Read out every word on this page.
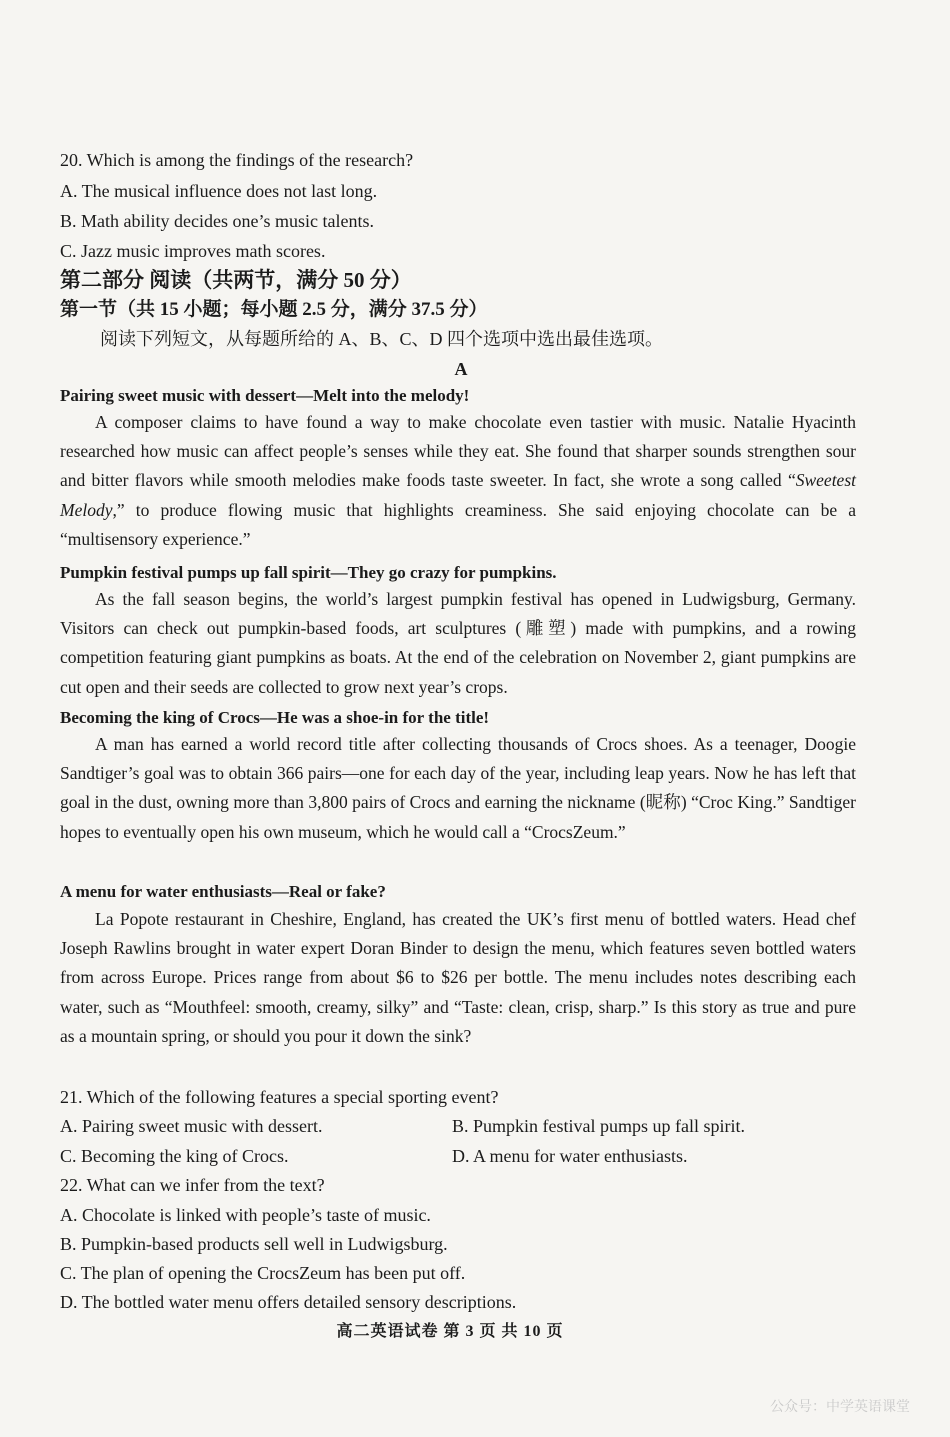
20. Which is among the findings of the research?
A. The musical influence does not last long.
B. Math ability decides one’s music talents.
C. Jazz music improves math scores.
第二部分 阅读（共两节，满分 50 分）
第一节（共 15 小题；每小题 2.5 分，满分 37.5 分）
阅读下列短文，从每题所给的 A、B、C、D 四个选项中选出最佳选项。
A
Pairing sweet music with dessert—Melt into the melody!

A composer claims to have found a way to make chocolate even tastier with music. Natalie Hyacinth researched how music can affect people’s senses while they eat. She found that sharper sounds strengthen sour and bitter flavors while smooth melodies make foods taste sweeter. In fact, she wrote a song called “Sweetest Melody,” to produce flowing music that highlights creaminess. She said enjoying chocolate can be a “multisensory experience.”

Pumpkin festival pumps up fall spirit—They go crazy for pumpkins.

As the fall season begins, the world’s largest pumpkin festival has opened in Ludwigsburg, Germany. Visitors can check out pumpkin-based foods, art sculptures (雕塑) made with pumpkins, and a rowing competition featuring giant pumpkins as boats. At the end of the celebration on November 2, giant pumpkins are cut open and their seeds are collected to grow next year’s crops.

Becoming the king of Crocs—He was a shoe-in for the title!

A man has earned a world record title after collecting thousands of Crocs shoes. As a teenager, Doogie Sandtiger’s goal was to obtain 366 pairs—one for each day of the year, including leap years. Now he has left that goal in the dust, owning more than 3,800 pairs of Crocs and earning the nickname (昵称) “Croc King.” Sandtiger hopes to eventually open his own museum, which he would call a “CrocsZeum.”

A menu for water enthusiasts—Real or fake?

La Popote restaurant in Cheshire, England, has created the UK’s first menu of bottled waters. Head chef Joseph Rawlins brought in water expert Doran Binder to design the menu, which features seven bottled waters from across Europe. Prices range from about $6 to $26 per bottle. The menu includes notes describing each water, such as “Mouthfeel: smooth, creamy, silky” and “Taste: clean, crisp, sharp.” Is this story as true and pure as a mountain spring, or should you pour it down the sink?

21. Which of the following features a special sporting event?
A. Pairing sweet music with dessert.	B. Pumpkin festival pumps up fall spirit.
C. Becoming the king of Crocs.	D. A menu for water enthusiasts.
22. What can we infer from the text?
A. Chocolate is linked with people’s taste of music.
B. Pumpkin-based products sell well in Ludwigsburg.
C. The plan of opening the CrocsZeum has been put off.
D. The bottled water menu offers detailed sensory descriptions.
高二英语试卷 第 3 页 共 10 页
公众号：中学英语课堂
